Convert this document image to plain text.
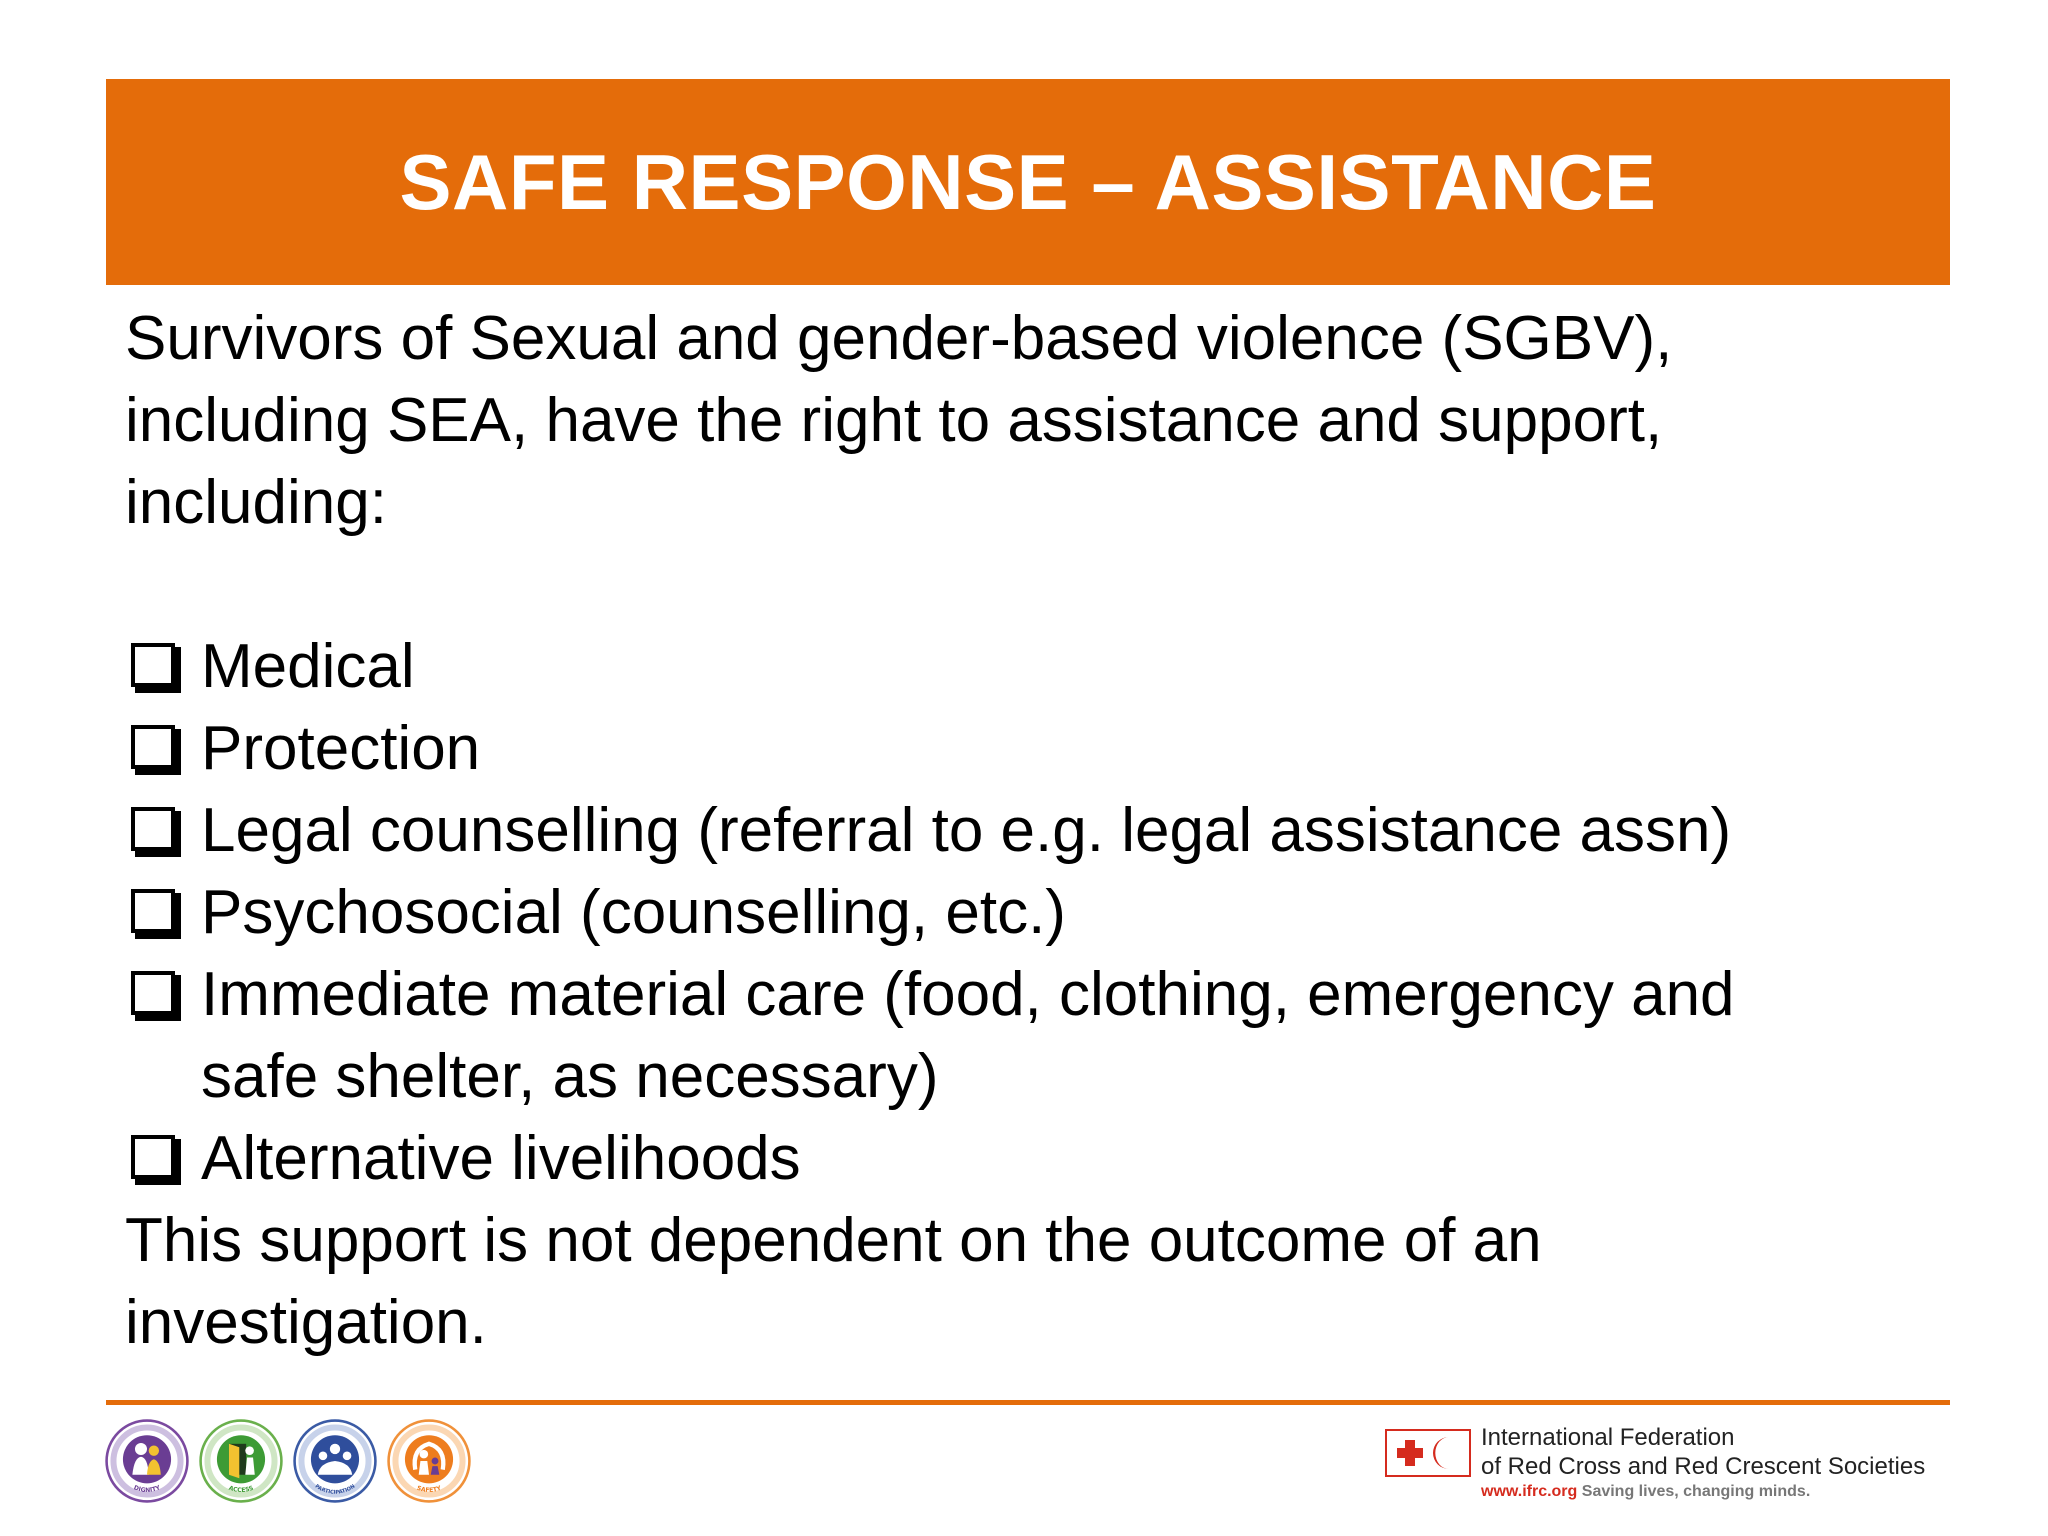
SAFE RESPONSE – ASSISTANCE

Survivors of Sexual and gender-based violence (SGBV),
including SEA, have the right to assistance and support,
including:

Medical
Protection
Legal counselling (referral to e.g. legal assistance assn)
Psychosocial (counselling, etc.)
Immediate material care (food, clothing, emergency and
safe shelter, as necessary)
Alternative livelihoods

This support is not dependent on the outcome of an
investigation.

DIGNITY	ACCESS	PARTICIPATION	SAFETY
International Federation
of Red Cross and Red Crescent Societies
www.ifrc.org Saving lives, changing minds.
